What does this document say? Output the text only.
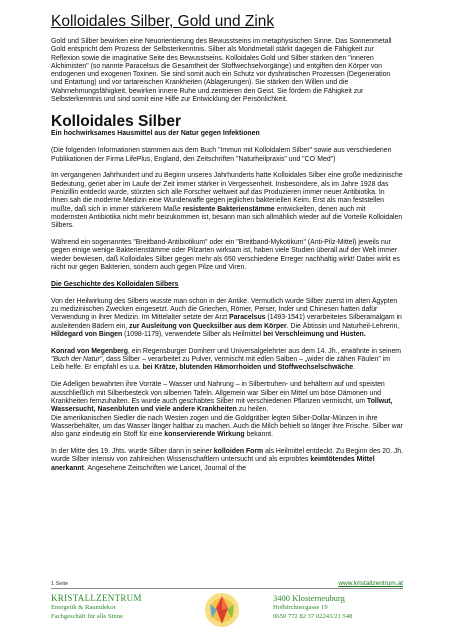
Kolloidales Silber, Gold und Zink

Gold und Silber bewirken eine Neuorientierung des Bewusstseins im metaphysischen Sinne. Das Sonnenmetall Gold entspricht dem Prozess der Selbsterkenntnis. Silber als Mondmetall stärkt dagegen die Fähigkeit zur Reflexion sowie die imaginative Seite des Bewusstseins. Kolloidales Gold und Silber stärken den "inneren Alchimisten" (so nannte Paracelsus die Gesamtheit der Stoffwechselvorgänge) und entgiften den Körper von endogenen und exogenen Toxinen. Sie sind somit auch ein Schutz vor dyshratischen Prozessen (Degeneration und Entartung) und vor tartareischen Krankheiten (Ablagerungen). Sie stärken den Willen und die Wahrnehmungsfähigkeit, bewirken innere Ruhe und zentrieren den Geist. Sie fördern die Fähigkeit zur Selbsterkenntnis und sind somit eine Hilfe zur Entwicklung der Persönlichkeit.

Kolloidales Silber
Ein hochwirksames Hausmittel aus der Natur gegen Infektionen

(Die folgenden Informationen stammen aus dem Buch "Immun mit Kolloidalem Silber" sowie aus verschiedenen Publikationen der Firma LifePlus, England, den Zeitschriften "Naturheilpraxis" und "CO´Med")

Im vergangenen Jahrhundert und zu Beginn unseres Jahrhunderts hatte Kolloidales Silber eine große medizinische Bedeutung, geriet aber im Laufe der Zeit immer stärker in Vergessenheit. Insbesondere, als im Jahre 1928 das Penizillin entdeckt wurde, stürzten sich alle Forscher weltweit auf das Produzieren immer neuer Antibiotika. In ihnen sah die moderne Medizin eine Wunderwaffe gegen jeglichen bakteriellen Keim. Erst als man feststellen mußte, daß sich in immer stärkerem Maße resistente Bakterienstämme entwickelten, denen auch mit modernsten Antibiotika nicht mehr beizukommen ist, besann man sich allmählich wieder auf die Vorteile Kolloidalen Silbers.

Während ein sogenanntes "Breitband-Antibiotikum" oder ein "Breitband-Mykotikum" (Anti-Pilz-Mittel) jeweils nur gegen einige wenige Bakterienstämme oder Pilzarten wirksam ist, haben viele Studien überall auf der Welt immer wieder bewiesen, daß Kolloidales Silber gegen mehr als 650 verschiedene Erreger nachhaltig wirkt! Dabei wirkt es nicht nur gegen Bakterien, sondern auch gegen Pilze und Viren.

Die Geschichte des Kolloidalen Silbers

Von der Heilwirkung des Silbers wusste man schon in der Antike. Vermutlich wurde Silber zuerst im alten Ägypten zu medizinischen Zwecken eingesetzt. Auch die Griechen, Römer, Perser, Inder und Chinesen hatten dafür Verwendung in ihrer Medizin. Im Mittelalter setzte der Arzt Paracelsus (1493-1541) verarbeitetes Silberamalgam in ausleitenden Bädern ein, zur Ausleitung von Quecksilber aus dem Körper. Die Äbtissin und Naturheil-Lehrerin, Hildegard von Bingen (1098-1179), verwendete Silber als Heilmittel bei Verschleimung und Husten.

Konrad von Megenberg, ein Regensburger Domherr und Universalgelehrter aus dem 14. Jh., erwähnte in seinem "Buch der Natur", dass Silber – verarbeitet zu Pulver, vermischt mit edlen Salben – „wider die zähen Fäulen" im Leib helfe. Er empfahl es u.a. bei Krätze, blutenden Hämorrhoiden und Stoffwechselschwäche.

Die Adeligen bewahrten ihre Vorräte – Wasser und Nahrung – in Silbertruhen- und behältern auf und speisten ausschließlich mit Silberbesteck von silbernen Tafeln. Allgemein war Silber ein Mittel um böse Dämonen und Krankheiten fernzuhalten. Es wurde auch geschabtes Silber mit verschiedenen Pflanzen vermischt, um Tollwut, Wassersucht, Nasenbluten und viele andere Krankheiten zu heilen.

Die amerikanischen Siedler die nach Westen zogen und die Goldgräber legten Silber-Dollar-Münzen in ihre Wasserbehälter, um das Wasser länger haltbar zu machen. Auch die Milch behielt so länger ihre Frische. Silber war also ganz eindeutig ein Stoff für eine konservierende Wirkung bekannt.

In der Mitte des 19. Jhts. wurde Silber dann in seiner kolloiden Form als Heilmittel entdeckt. Zu Beginn des 20. Jh. wurde Silber intensiv von zahlreichen Wissenschaftlern untersucht und als erprobtes keimtötendes Mittel anerkannt. Angesehene Zeitschriften wie Lancet, Journal of the

1 Seite	www.kristallzentrum.at
KRISTALLZENTRUM
Energetik & Raumdekor
Fachgeschäft für alle Sinne
3400 Klosterneuburg
Hofbirchnergasse 19
0650 772 82 37 02243/21 548
